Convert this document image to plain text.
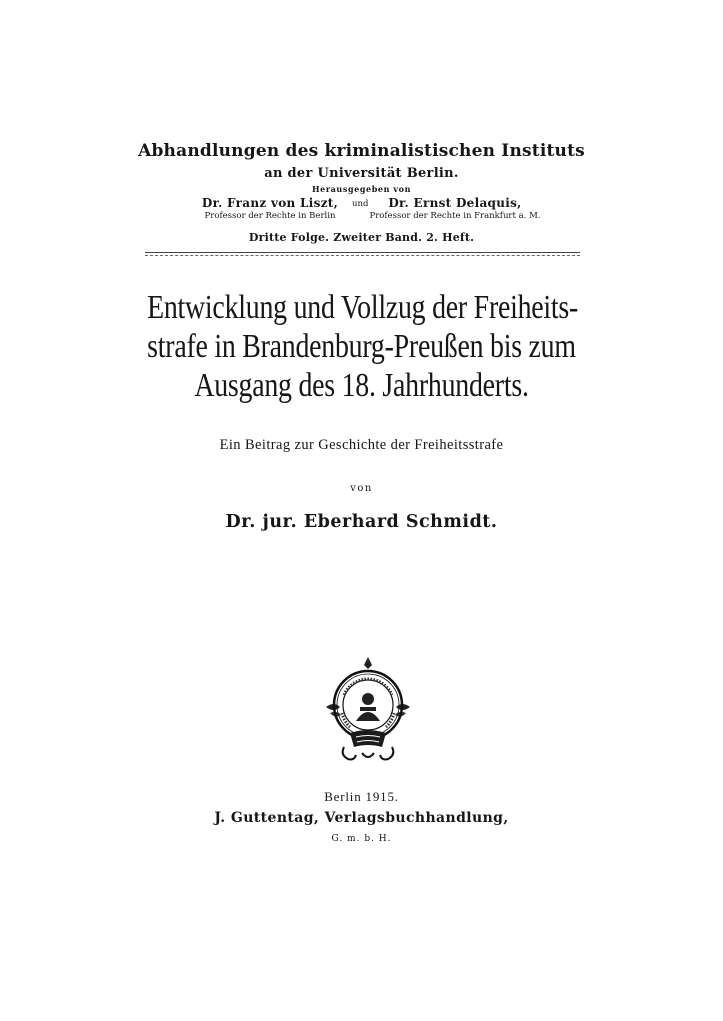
Abhandlungen des kriminalistischen Instituts
an der Universität Berlin.
Herausgegeben von
Dr. Franz von Liszt,
Professor der Rechte in Berlin
und	Dr. Ernst Delaquis,
Professor der Rechte in Frankfurt a. M.
Dritte Folge. Zweiter Band. 2. Heft.
Entwicklung und Vollzug der Freiheits-
strafe in Brandenburg-Preußen bis zum
Ausgang des 18. Jahrhunderts.
Ein Beitrag zur Geschichte der Freiheitsstrafe
von
Dr. jur. Eberhard Schmidt.
Berlin 1915.
J. Guttentag, Verlagsbuchhandlung,
G. m. b. H.
